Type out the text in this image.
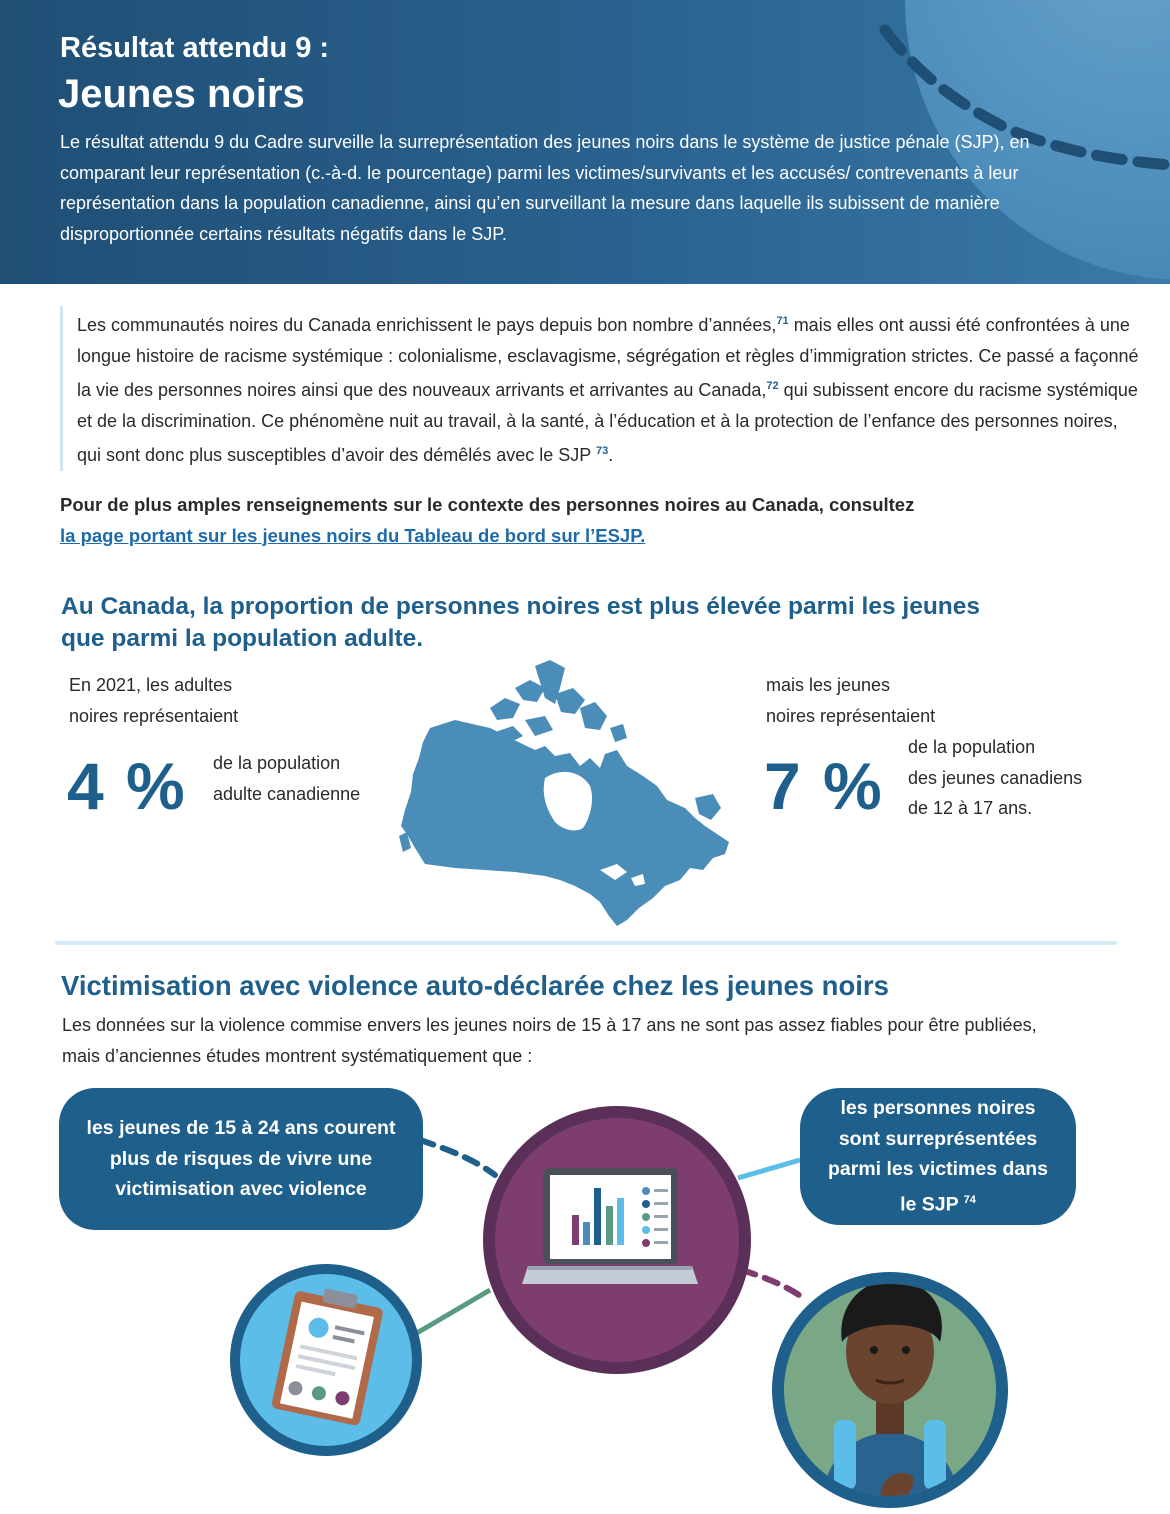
Résultat attendu 9 :
Jeunes noirs
Le résultat attendu 9 du Cadre surveille la surreprésentation des jeunes noirs dans le système de justice pénale (SJP), en comparant leur représentation (c.-à-d. le pourcentage) parmi les victimes/survivants et les accusés/ contrevenants à leur représentation dans la population canadienne, ainsi qu’en surveillant la mesure dans laquelle ils subissent de manière disproportionnée certains résultats négatifs dans le SJP.
Les communautés noires du Canada enrichissent le pays depuis bon nombre d’années,$^{71}$ mais elles ont aussi été confrontées à une longue histoire de racisme systémique : colonialisme, esclavagisme, ségrégation et règles d’immigration strictes. Ce passé a façonné la vie des personnes noires ainsi que des nouveaux arrivants et arrivantes au Canada,$^{72}$ qui subissent encore du racisme systémique et de la discrimination. Ce phénomène nuit au travail, à la santé, à l’éducation et à la protection de l’enfance des personnes noires, qui sont donc plus susceptibles d’avoir des démêlés avec le SJP $^{73}$.
Pour de plus amples renseignements sur le contexte des personnes noires au Canada, consultez
la page portant sur les jeunes noirs du Tableau de bord sur l’ESJP.
Au Canada, la proportion de personnes noires est plus élevée parmi les jeunes
que parmi la population adulte.
En 2021, les adultes
noires représentaient
4 % de la population
adulte canadienne
mais les jeunes
noires représentaient
7 %
de la population
des jeunes canadiens
de 12 à 17 ans.
Victimisation avec violence auto-déclarée chez les jeunes noirs
Les données sur la violence commise envers les jeunes noirs de 15 à 17 ans ne sont pas assez fiables pour être publiées, mais d’anciennes études montrent systématiquement que :
les jeunes de 15 à 24 ans courent
plus de risques de vivre une
victimisation avec violence
les personnes noires
sont surreprésentées
parmi les victimes dans
le SJP $^{74}$
